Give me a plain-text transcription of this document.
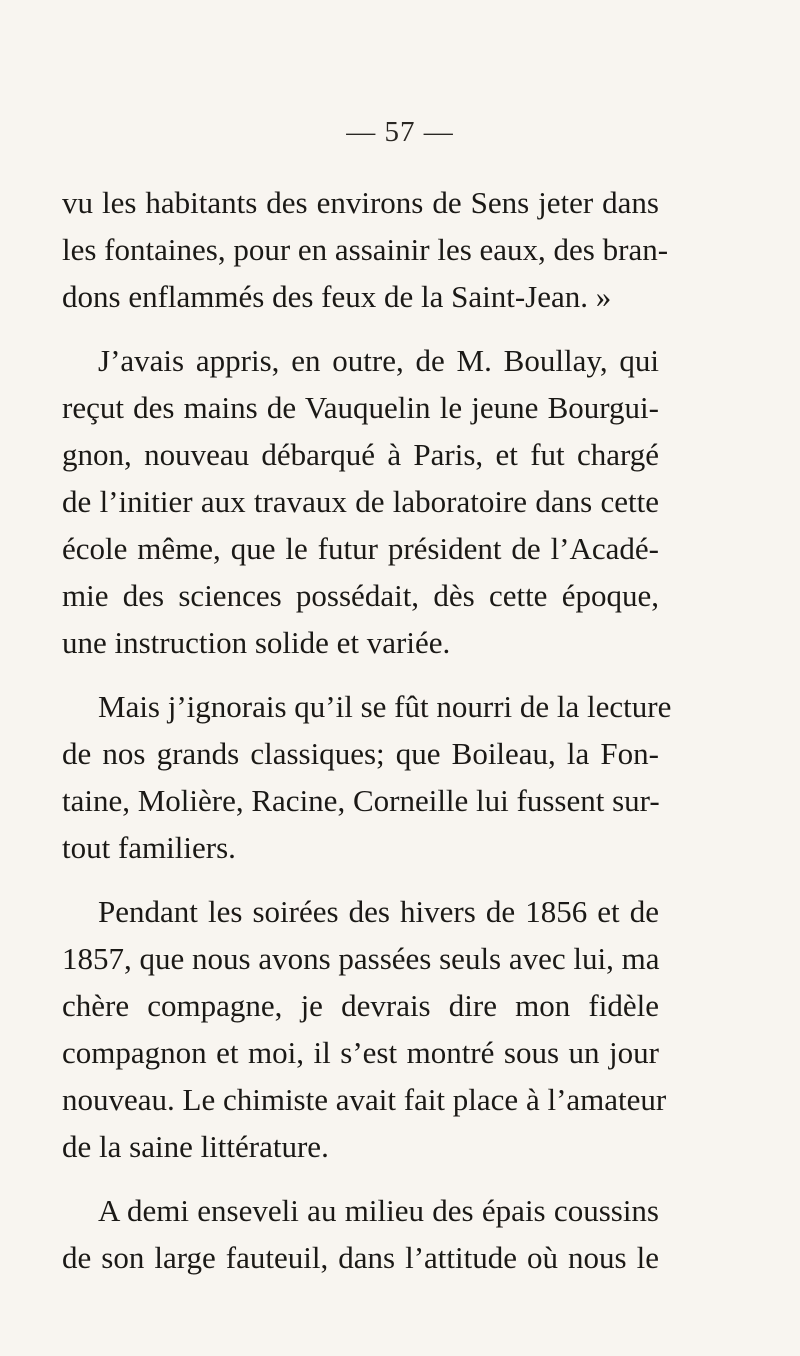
— 57 —
vu les habitants des environs de Sens jeter dans
les fontaines, pour en assainir les eaux, des bran-
dons enflammés des feux de la Saint-Jean. »
J’avais appris, en outre, de M. Boullay, qui
reçut des mains de Vauquelin le jeune Bourgui-
gnon, nouveau débarqué à Paris, et fut chargé
de l’initier aux travaux de laboratoire dans cette
école même, que le futur président de l’Acadé-
mie des sciences possédait, dès cette époque,
une instruction solide et variée.
Mais j’ignorais qu’il se fût nourri de la lecture
de nos grands classiques; que Boileau, la Fon-
taine, Molière, Racine, Corneille lui fussent sur-
tout familiers.
Pendant les soirées des hivers de 1856 et de
1857, que nous avons passées seuls avec lui, ma
chère compagne, je devrais dire mon fidèle
compagnon et moi, il s’est montré sous un jour
nouveau. Le chimiste avait fait place à l’amateur
de la saine littérature.
A demi enseveli au milieu des épais coussins
de son large fauteuil, dans l’attitude où nous le
